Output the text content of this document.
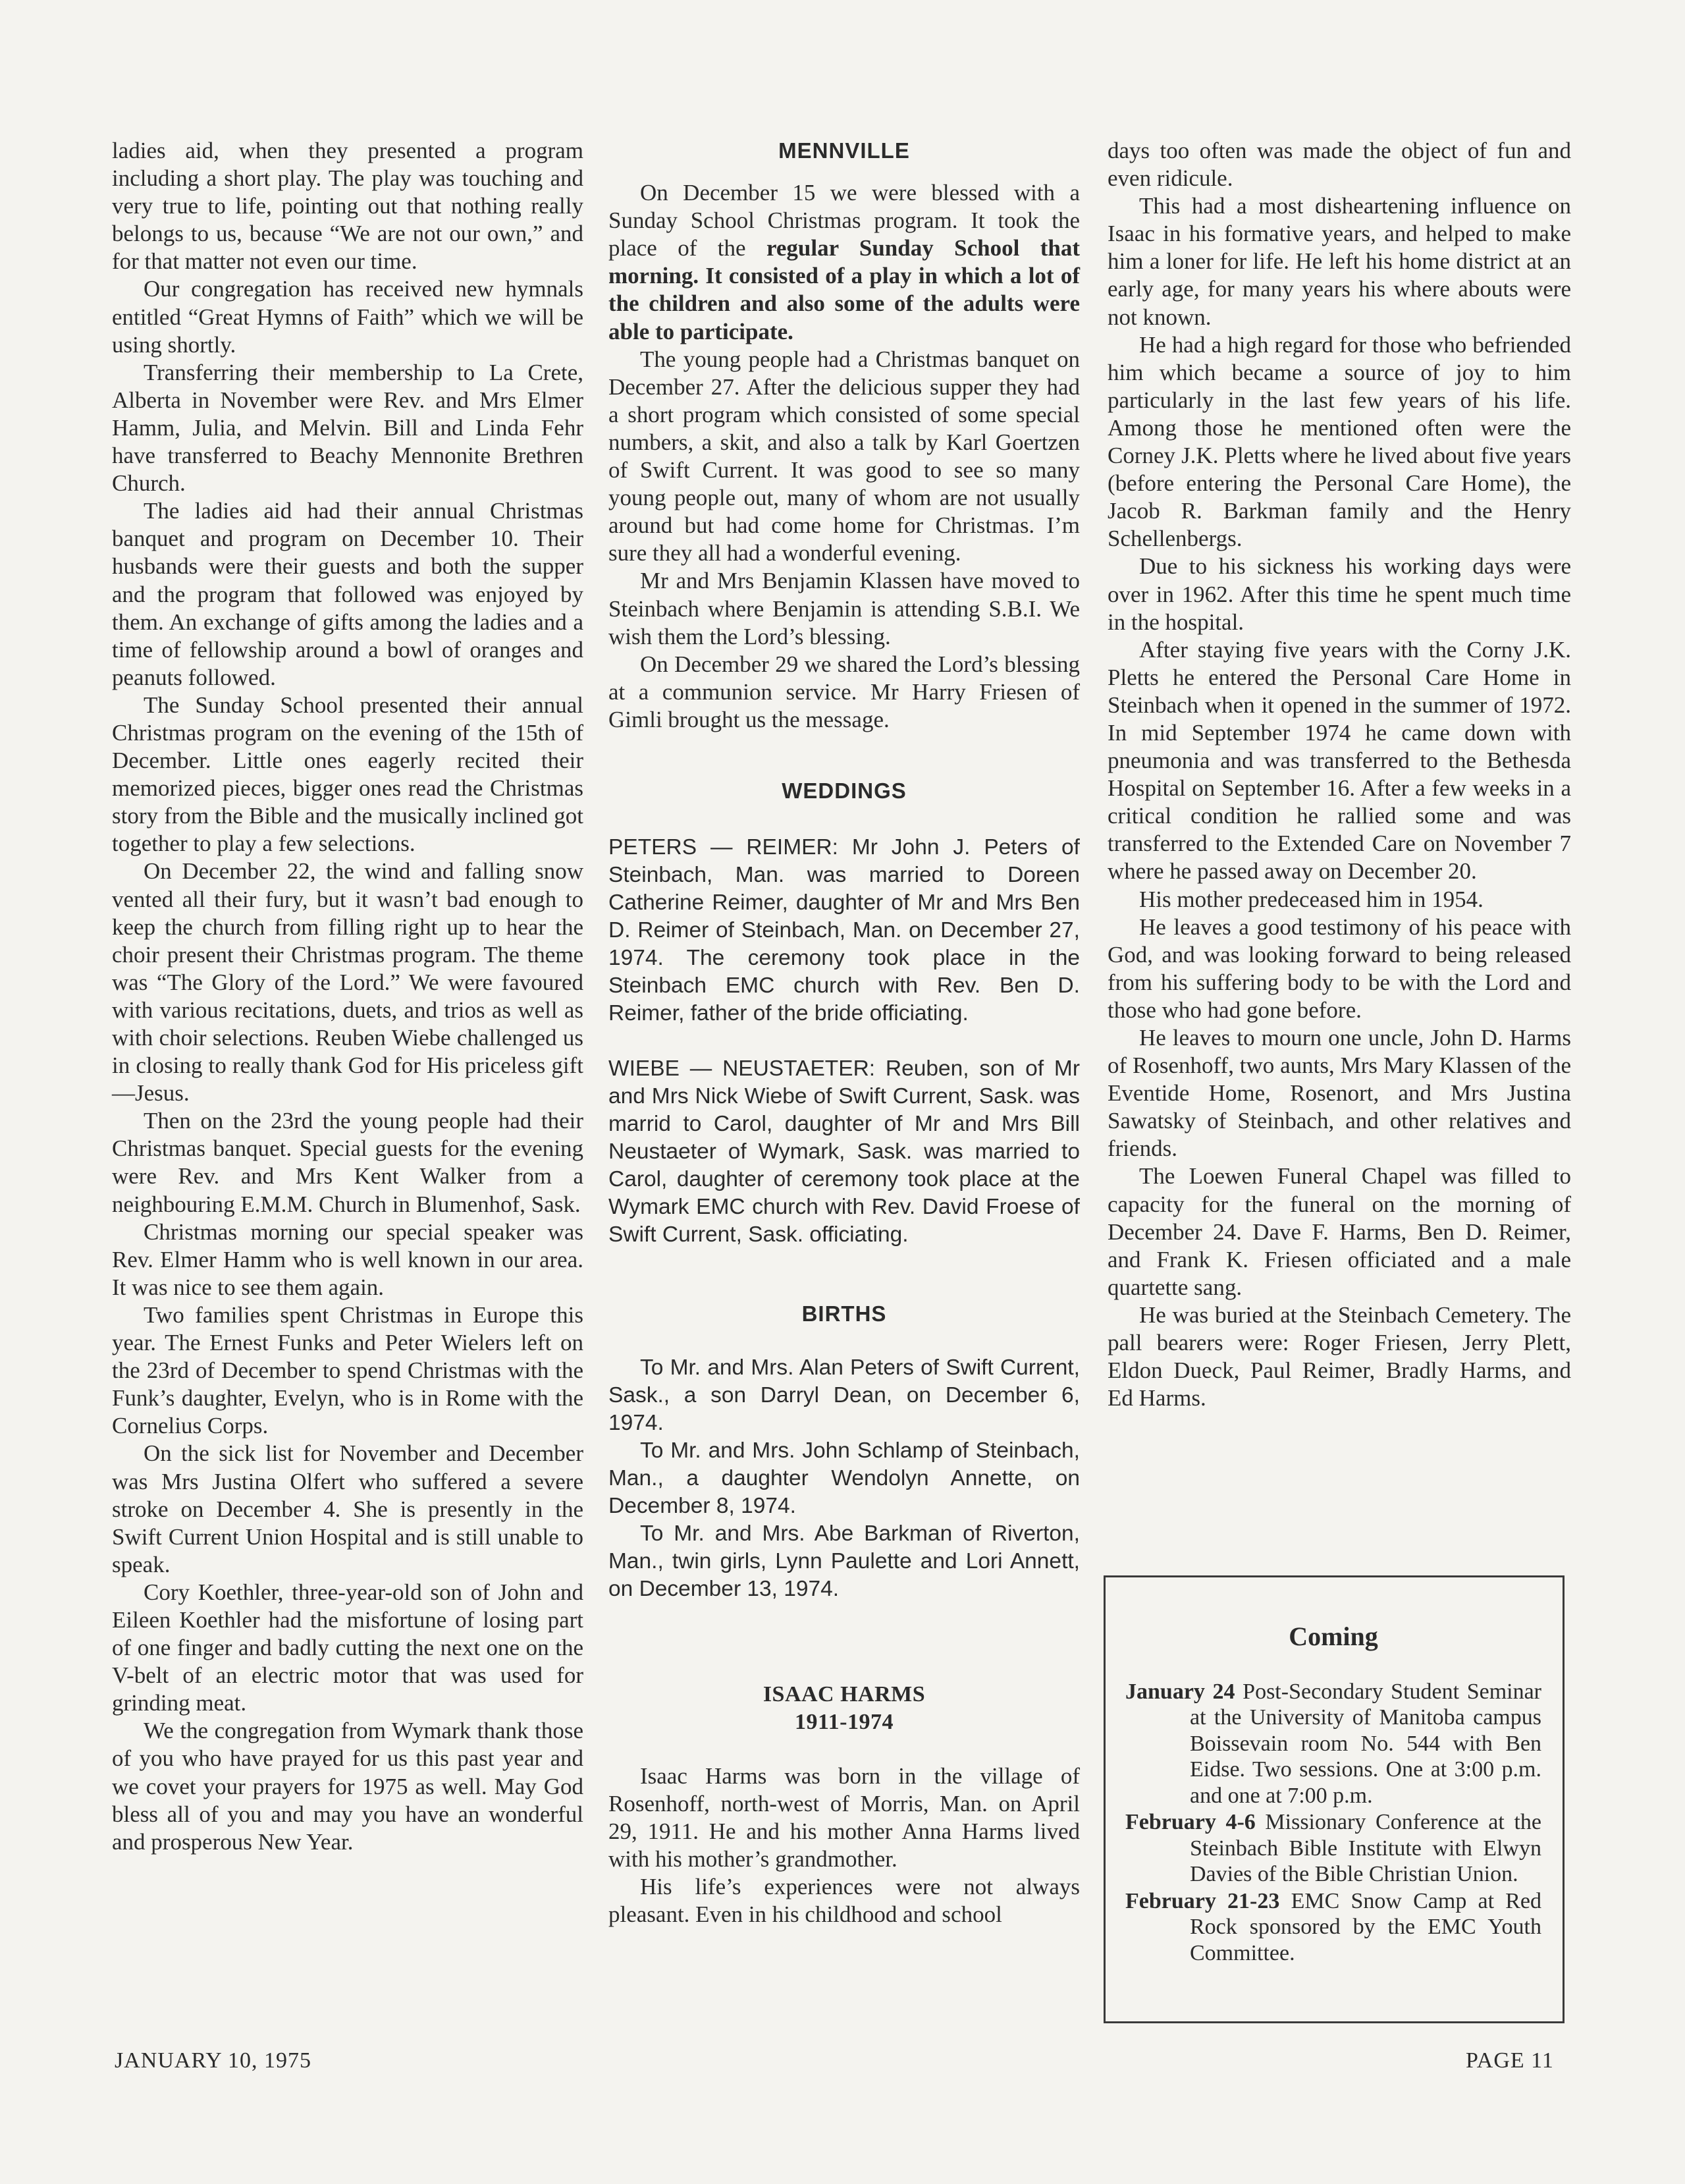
ladies aid, when they presented a program including a short play. The play was touching and very true to life, pointing out that nothing really belongs to us, because “We are not our own,” and for that matter not even our time.

Our congregation has received new hymnals entitled “Great Hymns of Faith” which we will be using shortly.

Transferring their membership to La Crete, Alberta in November were Rev. and Mrs Elmer Hamm, Julia, and Melvin. Bill and Linda Fehr have transferred to Beachy Mennonite Brethren Church.

The ladies aid had their annual Christmas banquet and program on December 10. Their husbands were their guests and both the supper and the program that followed was enjoyed by them. An exchange of gifts among the ladies and a time of fellowship around a bowl of oranges and peanuts followed.

The Sunday School presented their annual Christmas program on the evening of the 15th of December. Little ones eagerly recited their memorized pieces, bigger ones read the Christmas story from the Bible and the musically inclined got together to play a few selections.

On December 22, the wind and falling snow vented all their fury, but it wasn’t bad enough to keep the church from filling right up to hear the choir present their Christmas program. The theme was “The Glory of the Lord.” We were favoured with various recitations, duets, and trios as well as with choir selections. Reuben Wiebe challenged us in closing to really thank God for His priceless gift—Jesus.

Then on the 23rd the young people had their Christmas banquet. Special guests for the evening were Rev. and Mrs Kent Walker from a neighbouring E.M.M. Church in Blumenhof, Sask.

Christmas morning our special speaker was Rev. Elmer Hamm who is well known in our area. It was nice to see them again.

Two families spent Christmas in Europe this year. The Ernest Funks and Peter Wielers left on the 23rd of December to spend Christmas with the Funk’s daughter, Evelyn, who is in Rome with the Cornelius Corps.

On the sick list for November and December was Mrs Justina Olfert who suffered a severe stroke on December 4. She is presently in the Swift Current Union Hospital and is still unable to speak.

Cory Koethler, three-year-old son of John and Eileen Koethler had the misfortune of losing part of one finger and badly cutting the next one on the V-belt of an electric motor that was used for grinding meat.

We the congregation from Wymark thank those of you who have prayed for us this past year and we covet your prayers for 1975 as well. May God bless all of you and may you have an wonderful and prosperous New Year.

MENNVILLE

On December 15 we were blessed with a Sunday School Christmas program. It took the place of the regular Sunday School that morning. It consisted of a play in which a lot of the children and also some of the adults were able to participate.

The young people had a Christmas banquet on December 27. After the delicious supper they had a short program which consisted of some special numbers, a skit, and also a talk by Karl Goertzen of Swift Current. It was good to see so many young people out, many of whom are not usually around but had come home for Christmas. I’m sure they all had a wonderful evening.

Mr and Mrs Benjamin Klassen have moved to Steinbach where Benjamin is attending S.B.I. We wish them the Lord’s blessing.

On December 29 we shared the Lord’s blessing at a communion service. Mr Harry Friesen of Gimli brought us the message.

WEDDINGS

PETERS — REIMER: Mr John J. Peters of Steinbach, Man. was married to Doreen Catherine Reimer, daughter of Mr and Mrs Ben D. Reimer of Steinbach, Man. on December 27, 1974. The ceremony took place in the Steinbach EMC church with Rev. Ben D. Reimer, father of the bride officiating.

WIEBE — NEUSTAETER: Reuben, son of Mr and Mrs Nick Wiebe of Swift Current, Sask. was marrid to Carol, daughter of Mr and Mrs Bill Neustaeter of Wymark, Sask. was married to Carol, daughter of ceremony took place at the Wymark EMC church with Rev. David Froese of Swift Current, Sask. officiating.

BIRTHS

To Mr. and Mrs. Alan Peters of Swift Current, Sask., a son Darryl Dean, on December 6, 1974.

To Mr. and Mrs. John Schlamp of Steinbach, Man., a daughter Wendolyn Annette, on December 8, 1974.

To Mr. and Mrs. Abe Barkman of Riverton, Man., twin girls, Lynn Paulette and Lori Annett, on December 13, 1974.

ISAAC HARMS
1911-1974

Isaac Harms was born in the village of Rosenhoff, north-west of Morris, Man. on April 29, 1911. He and his mother Anna Harms lived with his mother’s grandmother.

His life’s experiences were not always pleasant. Even in his childhood and school

days too often was made the object of fun and even ridicule.

This had a most disheartening influence on Isaac in his formative years, and helped to make him a loner for life. He left his home district at an early age, for many years his where abouts were not known.

He had a high regard for those who befriended him which became a source of joy to him particularly in the last few years of his life. Among those he mentioned often were the Corney J.K. Pletts where he lived about five years (before entering the Personal Care Home), the Jacob R. Barkman family and the Henry Schellenbergs.

Due to his sickness his working days were over in 1962. After this time he spent much time in the hospital.

After staying five years with the Corny J.K. Pletts he entered the Personal Care Home in Steinbach when it opened in the summer of 1972. In mid September 1974 he came down with pneumonia and was transferred to the Bethesda Hospital on September 16. After a few weeks in a critical condition he rallied some and was transferred to the Extended Care on November 7 where he passed away on December 20.

His mother predeceased him in 1954.

He leaves a good testimony of his peace with God, and was looking forward to being released from his suffering body to be with the Lord and those who had gone before.

He leaves to mourn one uncle, John D. Harms of Rosenhoff, two aunts, Mrs Mary Klassen of the Eventide Home, Rosenort, and Mrs Justina Sawatsky of Steinbach, and other relatives and friends.

The Loewen Funeral Chapel was filled to capacity for the funeral on the morning of December 24. Dave F. Harms, Ben D. Reimer, and Frank K. Friesen officiated and a male quartette sang.

He was buried at the Steinbach Cemetery. The pall bearers were: Roger Friesen, Jerry Plett, Eldon Dueck, Paul Reimer, Bradly Harms, and Ed Harms.

Coming

January 24 Post-Secondary Student Seminar at the University of Manitoba campus Boissevain room No. 544 with Ben Eidse. Two sessions. One at 3:00 p.m. and one at 7:00 p.m.

February 4-6 Missionary Conference at the Steinbach Bible Institute with Elwyn Davies of the Bible Christian Union.

February 21-23 EMC Snow Camp at Red Rock sponsored by the EMC Youth Committee.

JANUARY 10, 1975	PAGE 11
